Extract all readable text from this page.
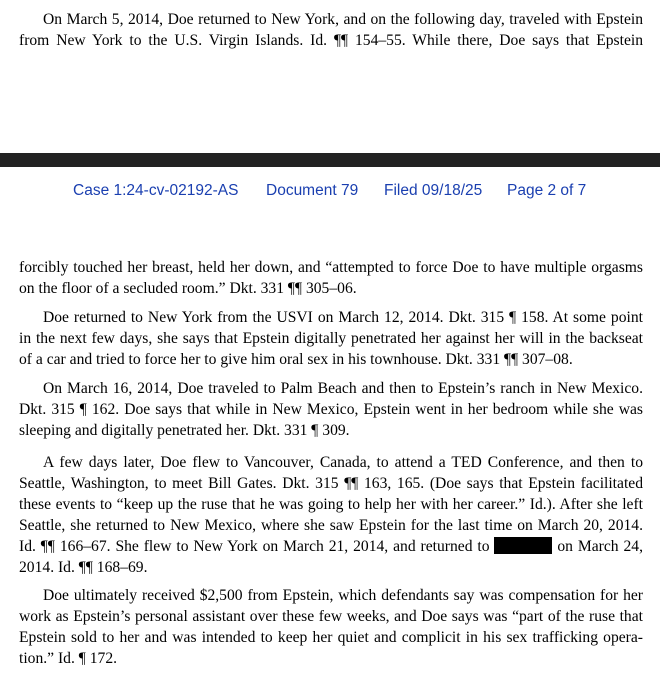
On March 5, 2014, Doe returned to New York, and on the following day, traveled with Epstein
from New York to the U.S. Virgin Islands. Id. ¶¶ 154–55. While there, Doe says that Epstein
Case 1:24-cv-02192-AS Document 79 Filed 09/18/25 Page 2 of 7
forcibly touched her breast, held her down, and “attempted to force Doe to have multiple orgasms
on the floor of a secluded room.” Dkt. 331 ¶¶ 305–06.
Doe returned to New York from the USVI on March 12, 2014. Dkt. 315 ¶ 158. At some point
in the next few days, she says that Epstein digitally penetrated her against her will in the backseat
of a car and tried to force her to give him oral sex in his townhouse. Dkt. 331 ¶¶ 307–08.
On March 16, 2014, Doe traveled to Palm Beach and then to Epstein’s ranch in New Mexico.
Dkt. 315 ¶ 162. Doe says that while in New Mexico, Epstein went in her bedroom while she was
sleeping and digitally penetrated her. Dkt. 331 ¶ 309.
A few days later, Doe flew to Vancouver, Canada, to attend a TED Conference, and then to
Seattle, Washington, to meet Bill Gates. Dkt. 315 ¶¶ 163, 165. (Doe says that Epstein facilitated
these events to “keep up the ruse that he was going to help her with her career.” Id.). After she left
Seattle, she returned to New Mexico, where she saw Epstein for the last time on March 20, 2014.
Id. ¶¶ 166–67. She flew to New York on March 21, 2014, and returned to	on March 24,
2014. Id. ¶¶ 168–69.
Doe ultimately received $2,500 from Epstein, which defendants say was compensation for her
work as Epstein’s personal assistant over these few weeks, and Doe says was “part of the ruse that
Epstein sold to her and was intended to keep her quiet and complicit in his sex trafficking opera-
tion.” Id. ¶ 172.
